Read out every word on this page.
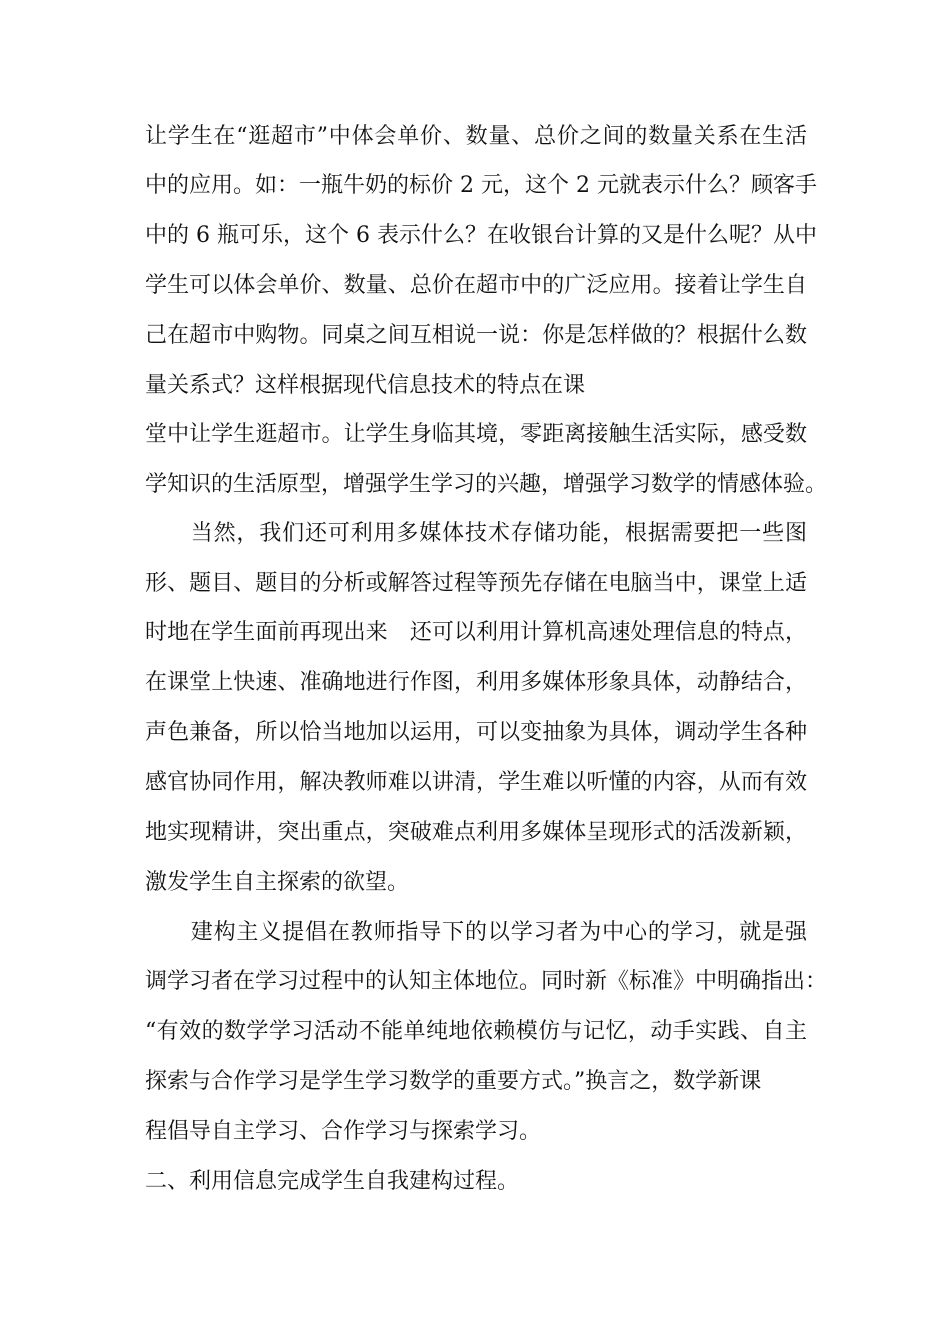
让学生在“逛超市”中体会单价、数量、总价之间的数量关系在生活
中的应用。如：一瓶牛奶的标价 2 元，这个 2 元就表示什么？顾客手
中的 6 瓶可乐，这个 6 表示什么？在收银台计算的又是什么呢？从中
学生可以体会单价、数量、总价在超市中的广泛应用。接着让学生自
己在超市中购物。同桌之间互相说一说：你是怎样做的？根据什么数
量关系式？这样根据现代信息技术的特点在课
堂中让学生逛超市。让学生身临其境，零距离接触生活实际，感受数
学知识的生活原型，增强学生学习的兴趣，增强学习数学的情感体验。
　　当然，我们还可利用多媒体技术存储功能，根据需要把一些图
形、题目、题目的分析或解答过程等预先存储在电脑当中，课堂上适
时地在学生面前再现出来　还可以利用计算机高速处理信息的特点，
在课堂上快速、准确地进行作图，利用多媒体形象具体，动静结合，
声色兼备，所以恰当地加以运用，可以变抽象为具体，调动学生各种
感官协同作用，解决教师难以讲清，学生难以听懂的内容，从而有效
地实现精讲，突出重点，突破难点利用多媒体呈现形式的活泼新颖，
激发学生自主探索的欲望。
　　建构主义提倡在教师指导下的以学习者为中心的学习，就是强
调学习者在学习过程中的认知主体地位。同时新《标准》中明确指出：
“有效的数学学习活动不能单纯地依赖模仿与记忆，动手实践、自主
探索与合作学习是学生学习数学的重要方式。”换言之，数学新课
程倡导自主学习、合作学习与探索学习。
二、利用信息完成学生自我建构过程。
